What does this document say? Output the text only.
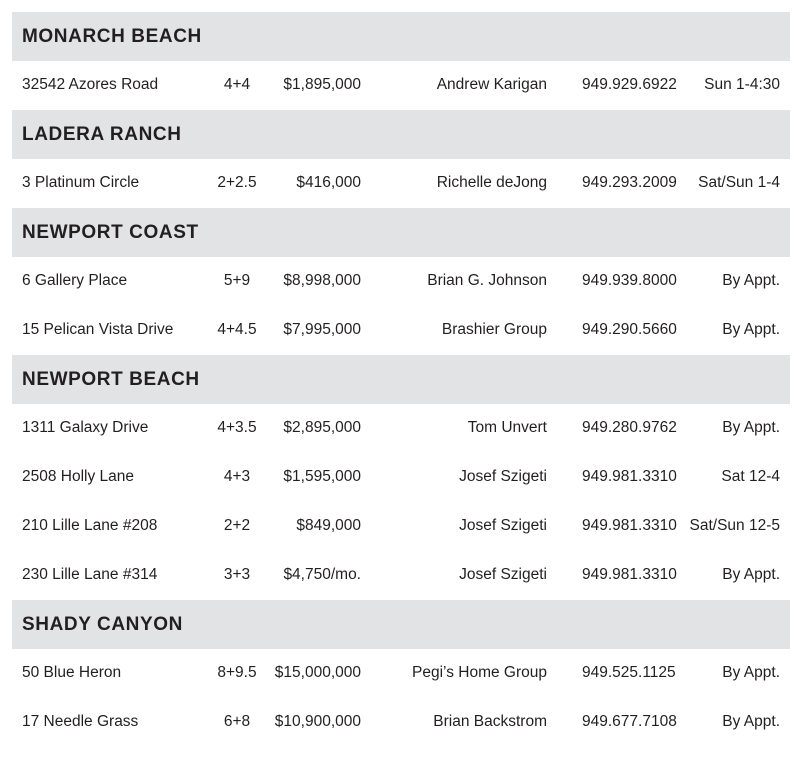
MONARCH BEACH
32542 Azores Road	4+4	$1,895,000	Andrew Karigan 949.929.6922 Sun 1-4:30
LADERA RANCH
3 Platinum Circle	2+2.5	$416,000	Richelle deJong 949.293.2009 Sat/Sun 1-4
NEWPORT COAST
6 Gallery Place	5+9	$8,998,000	Brian G. Johnson 949.939.8000	By Appt.
15 Pelican Vista Drive	4+4.5	$7,995,000	Brashier Group 949.290.5660	By Appt.
NEWPORT BEACH
1311 Galaxy Drive	4+3.5	$2,895,000	Tom Unvert 949.280.9762	By Appt.
2508 Holly Lane	4+3	$1,595,000	Josef Szigeti 949.981.3310	Sat 12-4
210 Lille Lane #208	2+2	$849,000	Josef Szigeti 949.981.3310 Sat/Sun 12-5
230 Lille Lane #314	3+3	$4,750/mo.	Josef Szigeti 949.981.3310	By Appt.
SHADY CANYON
50 Blue Heron	8+9.5	$15,000,000	Pegi’s Home Group 949.525.1125	By Appt.
17 Needle Grass	6+8	$10,900,000	Brian Backstrom 949.677.7108	By Appt.
